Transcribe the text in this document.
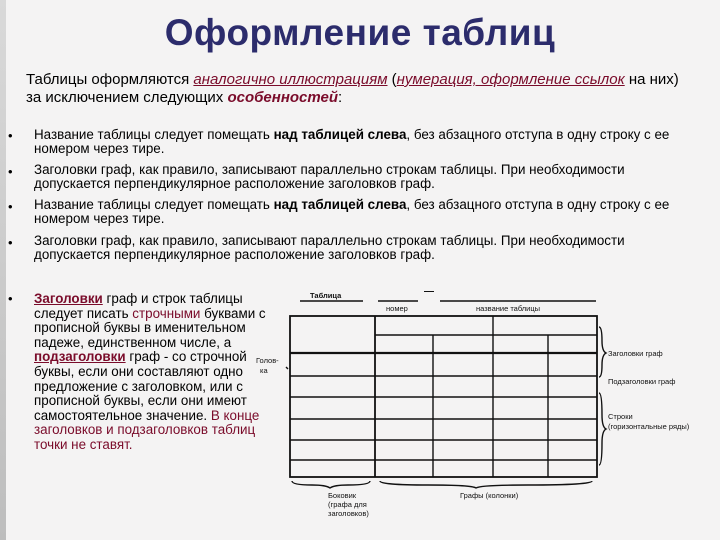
Оформление таблиц
Таблицы оформляются аналогично иллюстрациям (нумерация, оформление ссылок на них) за исключением следующих особенностей:
• Название таблицы следует помещать над таблицей слева, без абзацного отступа в одну строку с ее номером через тире.
• Заголовки граф, как правило, записывают параллельно строкам таблицы. При необходимости допускается перпендикулярное расположение заголовков граф.
• Название таблицы следует помещать над таблицей слева, без абзацного отступа в одну строку с ее номером через тире.
• Заголовки граф, как правило, записывают параллельно строкам таблицы. При необходимости допускается перпендикулярное расположение заголовков граф.
• Заголовки граф и строк таблицы следует писать строчными буквами с прописной буквы в именительном падеже, единственном числе, а подзаголовки граф - со строчной буквы, если они составляют одно предложение с заголовком, или с прописной буквы, если они имеют самостоятельное значение. В конце заголовков и подзаголовков таблиц точки не ставят.
Таблица	—
номер	название таблицы
Голов-
ка
Заголовки граф
Подзаголовки граф
Строки
(горизонтальные ряды)
Боковик
(графа для
заголовков)
Графы (колонки)
